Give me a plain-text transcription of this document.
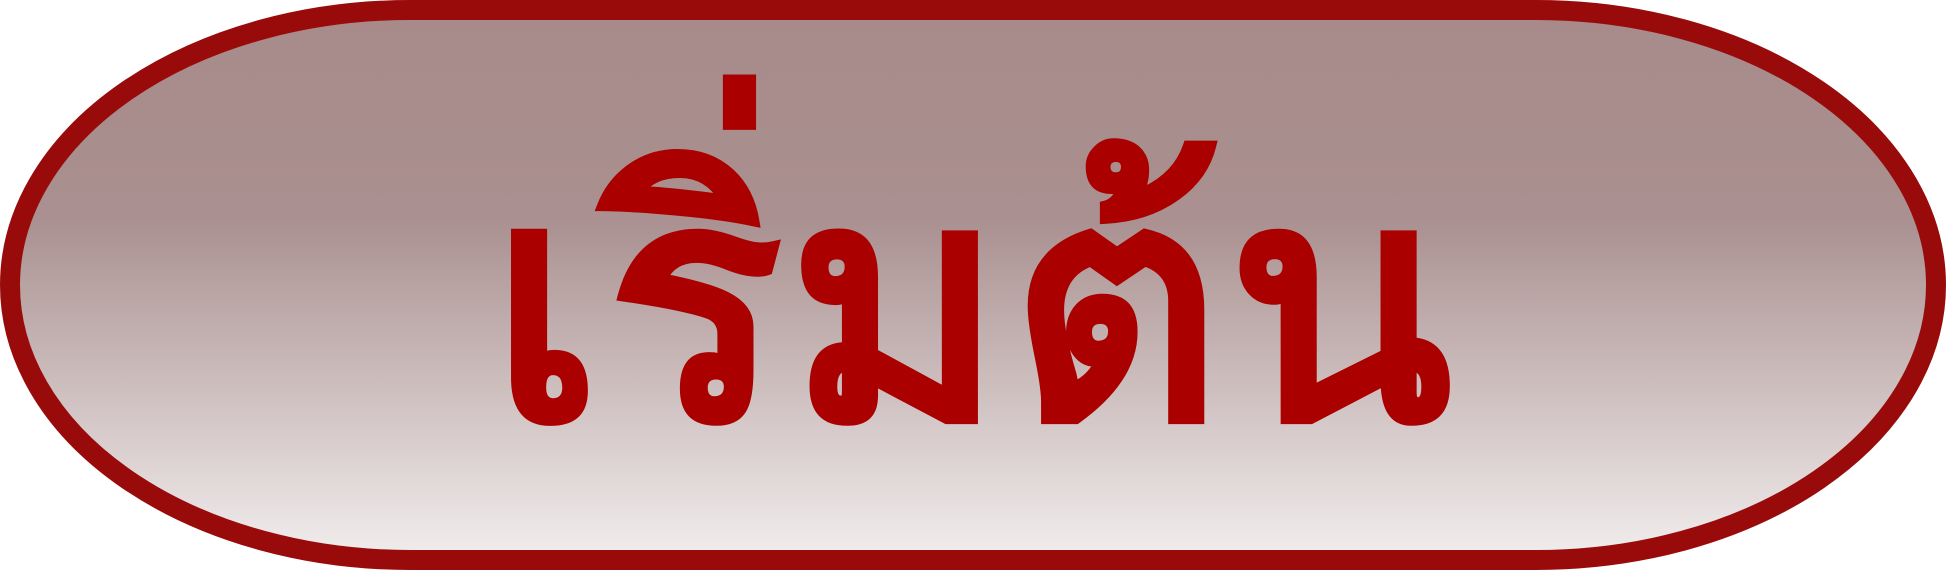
เริ่มต้น
